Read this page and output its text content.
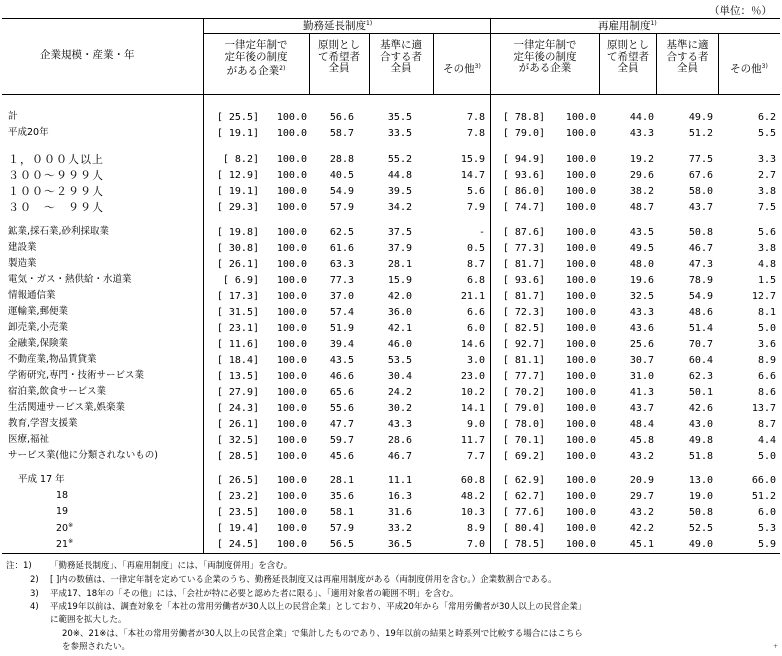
（単位：％）
企業規模・産業・年
勤務延長制度$^{1)}$	再雇用制度$^{1)}$
一律定年制で
定年後の制度
がある企業$^{2)}$
原則とし
て希望者
全員
基準に適
合する者
全員	その他$^{3)}$
一律定年制で
定年後の制度
がある企業
原則とし
て希望者
全員
基準に適
合する者
全員	その他$^{3)}$
計	[ 25.5] 100.0 56.6	35.5	7.8 [ 78.8] 100.0	44.0	49.9	6.2
平成20年	[ 19.1] 100.0 58.7	33.5	7.8 [ 79.0] 100.0	43.3	51.2	5.5
１，０００人以上	[ 8.2] 100.0 28.8	55.2	15.9 [ 94.9] 100.0	19.2	77.5	3.3
３００～９９９人	[ 12.9] 100.0 40.5	44.8	14.7 [ 93.6] 100.0	29.6	67.6	2.7
１００～２９９人	[ 19.1] 100.0 54.9	39.5	5.6 [ 86.0] 100.0	38.2	58.0	3.8
３０　～　９９人	[ 29.3] 100.0 57.9	34.2	7.9 [ 74.7] 100.0	48.7	43.7	7.5
鉱業,採石業,砂利採取業	[ 19.8] 100.0 62.5	37.5	- [ 87.6] 100.0	43.5	50.8	5.6
建設業	[ 30.8] 100.0 61.6	37.9	0.5 [ 77.3] 100.0	49.5	46.7	3.8
製造業	[ 26.1] 100.0 63.3	28.1	8.7 [ 81.7] 100.0	48.0	47.3	4.8
電気・ガス・熱供給・水道業	[ 6.9] 100.0 77.3	15.9	6.8 [ 93.6] 100.0	19.6	78.9	1.5
情報通信業	[ 17.3] 100.0 37.0	42.0	21.1 [ 81.7] 100.0	32.5	54.9	12.7
運輸業,郵便業	[ 31.5] 100.0 57.4	36.0	6.6 [ 72.3] 100.0	43.3	48.6	8.1
卸売業,小売業	[ 23.1] 100.0 51.9	42.1	6.0 [ 82.5] 100.0	43.6	51.4	5.0
金融業,保険業	[ 11.6] 100.0 39.4	46.0	14.6 [ 92.7] 100.0	25.6	70.7	3.6
不動産業,物品賃貸業	[ 18.4] 100.0 43.5	53.5	3.0 [ 81.1] 100.0	30.7	60.4	8.9
学術研究,専門・技術サービス業	[ 13.5] 100.0 46.6	30.4	23.0 [ 77.7] 100.0	31.0	62.3	6.6
宿泊業,飲食サービス業	[ 27.9] 100.0 65.6	24.2	10.2 [ 70.2] 100.0	41.3	50.1	8.6
生活関連サービス業,娯楽業	[ 24.3] 100.0 55.6	30.2	14.1 [ 79.0] 100.0	43.7	42.6	13.7
教育,学習支援業	[ 26.1] 100.0 47.7	43.3	9.0 [ 78.0] 100.0	48.4	43.0	8.7
医療,福祉	[ 32.5] 100.0 59.7	28.6	11.7 [ 70.1] 100.0	45.8	49.8	4.4
サービス業(他に分類されないもの)	[ 28.5] 100.0 45.6	46.7	7.7 [ 69.2] 100.0	43.2	51.8	5.0
平成 17 年	[ 26.5] 100.0 28.1	11.1	60.8 [ 62.9] 100.0	20.9	13.0	66.0
18	[ 23.2] 100.0 35.6	16.3	48.2 [ 62.7] 100.0	29.7	19.0	51.2
19	[ 23.5] 100.0 58.1	31.6	10.3 [ 77.6] 100.0	43.2	50.8	6.0
20※	[ 19.4] 100.0 57.9	33.2	8.9 [ 80.4] 100.0	42.2	52.5	5.3
21※	[ 24.5] 100.0 56.5	36.5	7.0 [ 78.5] 100.0	45.1	49.0	5.9
注：1) 「勤務延長制度」、「再雇用制度」には、「両制度併用」を含む。
2) [ ]内の数値は、一律定年制を定めている企業のうち、勤務延長制度又は再雇用制度がある（両制度併用を含む。）企業数割合である。
3) 平成17、18年の「その他」には、「会社が特に必要と認めた者に限る」、「適用対象者の範囲不明」を含む。
4) 平成19年以前は、調査対象を「本社の常用労働者が30人以上の民営企業」としており、平成20年から「常用労働者が30人以上の民営企業」
に範囲を拡大した。
20※、21※は、「本社の常用労働者が30人以上の民営企業」で集計したものであり、19年以前の結果と時系列で比較する場合にはこちら
を参照されたい。	+
